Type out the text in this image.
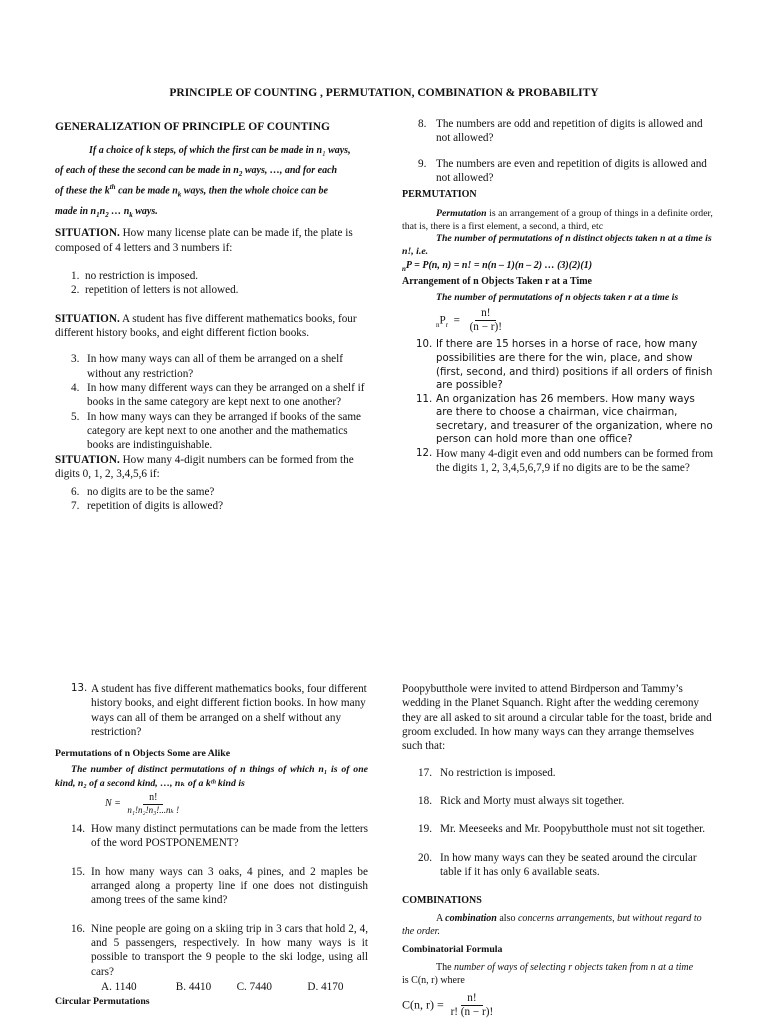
PRINCIPLE OF COUNTING , PERMUTATION, COMBINATION & PROBABILITY

GENERALIZATION OF PRINCIPLE OF COUNTING

If a choice of k steps, of which the first can be made in $n_1$ ways,
of each of these the second can be made in $n_2$ ways, …, and for each
of these the $k^{th}$ can be made $n_k$ ways, then the whole choice can be
made in $n_1n_2$ … $n_k$ ways.

SITUATION. How many license plate can be made if, the plate is composed of 4 letters and 3 numbers if:

1. no restriction is imposed.
2. repetition of letters is not allowed.

SITUATION. A student has five different mathematics books, four different history books, and eight different fiction books.

3. In how many ways can all of them be arranged on a shelf without any restriction?
4. In how many different ways can they be arranged on a shelf if books in the same category are kept next to one another?
5. In how many ways can they be arranged if books of the same category are kept next to one another and the mathematics books are indistinguishable.

SITUATION. How many 4-digit numbers can be formed from the digits 0, 1, 2, 3,4,5,6 if:

6. no digits are to be the same?
7. repetition of digits is allowed?
8. The numbers are odd and repetition of digits is allowed and not allowed?
9. The numbers are even and repetition of digits is allowed and not allowed?

PERMUTATION

Permutation is an arrangement of a group of things in a definite order, that is, there is a first element, a second, a third, etc

The number of permutations of n distinct objects taken n at a time is n!, i.e.

$_n$P = P(n, n) = n! = n(n – 1)(n – 2) … (3)(2)(1)

Arrangement of n Objects Taken r at a Time

The number of permutations of n objects taken r at a time is

$_nP_r = \frac{n!}{(n - r)!}$
10. If there are 15 horses in a horse of race, how many possibilities are there for the win, place, and show (first, second, and third) positions if all orders of finish are possible?
11. An organization has 26 members. How many ways are there to choose a chairman, vice chairman, secretary, and treasurer of the organization, where no person can hold more than one office?
12. How many 4-digit even and odd numbers can be formed from the digits 1, 2, 3,4,5,6,7,9 if no digits are to be the same?
13. A student has five different mathematics books, four different history books, and eight different fiction books. In how many ways can all of them be arranged on a shelf without any restriction?

Permutations of n Objects Some are Alike

The number of distinct permutations of n things of which n₁ is of one kind, n₂ of a second kind, …, nₖ of a kᵗʰ kind is

$N = \frac{n!}{\text{n₁!n₂!n₃!...nₖ !}}$
14. How many distinct permutations can be made from the letters of the word POSTPONEMENT?
15. In how many ways can 3 oaks, 4 pines, and 2 maples be arranged along a property line if one does not distinguish among trees of the same kind?
16. Nine people are going on a skiing trip in 3 cars that hold 2, 4, and 5 passengers, respectively. In how many ways is it possible to transport the 9 people to the ski lodge, using all cars?
A. 1140	B. 4410 C. 7440	D. 4170

Circular Permutations

Poopybutthole were invited to attend Birdperson and Tammy’s wedding in the Planet Squanch. Right after the wedding ceremony they are all asked to sit around a circular table for the toast, bride and groom excluded. In how many ways can they arrange themselves such that:

17. No restriction is imposed.
18. Rick and Morty must always sit together.
19. Mr. Meeseeks and Mr. Poopybutthole must not sit together.
20. In how many ways can they be seated around the circular table if it has only 6 available seats.

COMBINATIONS

A combination also concerns arrangements, but without regard to the order.

Combinatorial Formula

The number of ways of selecting r objects taken from n at a time

is C(n, r) where

C(n, $r) = \frac{n!}{r! (n - r)!}$
